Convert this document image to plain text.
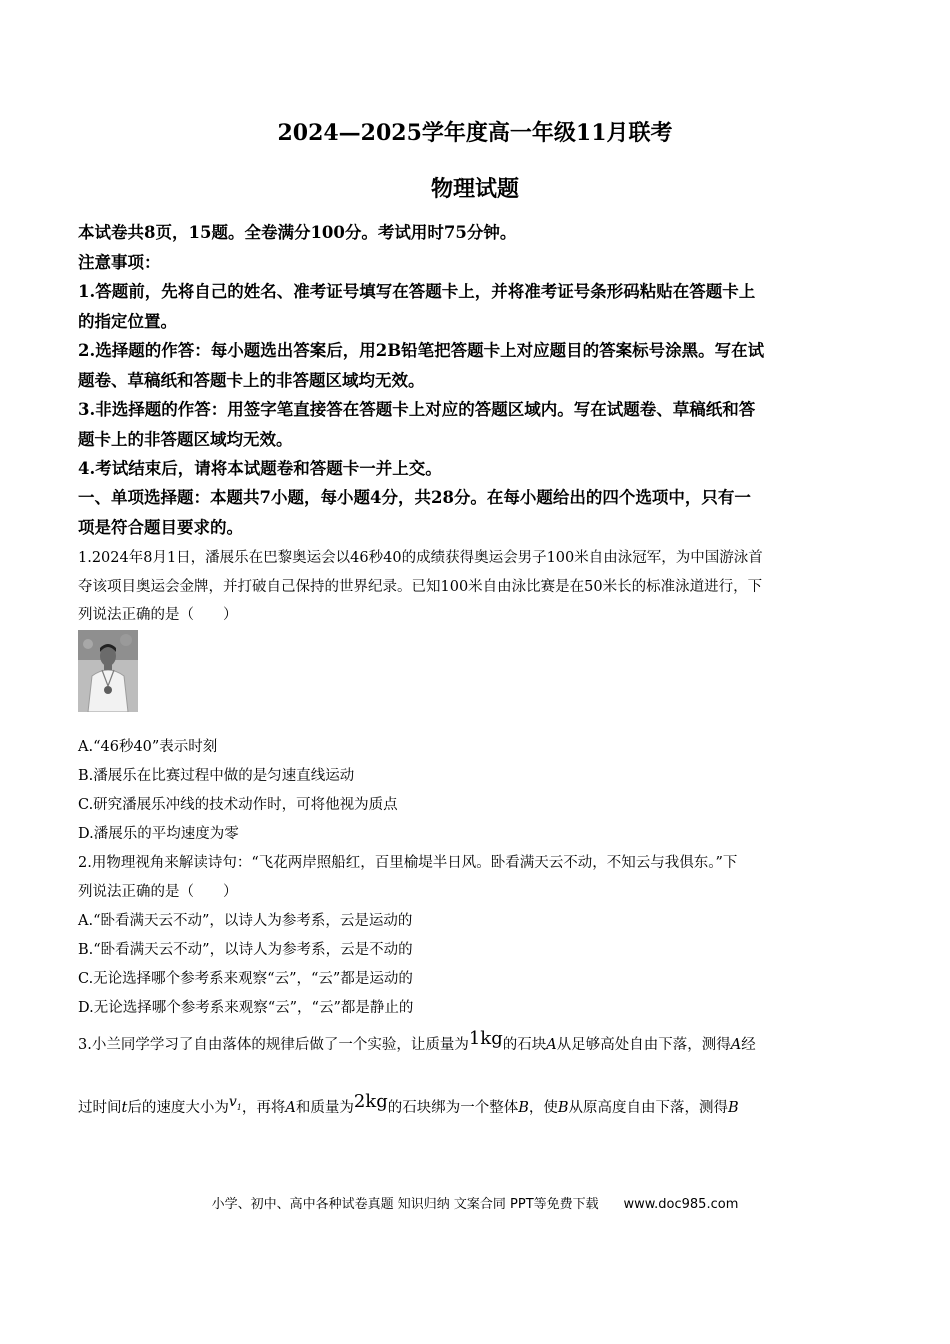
2024—2025学年度高一年级11月联考
物理试题
本试卷共8页，15题。全卷满分100分。考试用时75分钟。
注意事项：
1.答题前，先将自己的姓名、准考证号填写在答题卡上，并将准考证号条形码粘贴在答题卡上
的指定位置。
2.选择题的作答：每小题选出答案后，用2B铅笔把答题卡上对应题目的答案标号涂黑。写在试
题卷、草稿纸和答题卡上的非答题区域均无效。
3.非选择题的作答：用签字笔直接答在答题卡上对应的答题区域内。写在试题卷、草稿纸和答
题卡上的非答题区域均无效。
4.考试结束后，请将本试题卷和答题卡一并上交。
一、单项选择题：本题共7小题，每小题4分，共28分。在每小题给出的四个选项中，只有一
项是符合题目要求的。
1.2024年8月1日，潘展乐在巴黎奥运会以46秒40的成绩获得奥运会男子100米自由泳冠军，为中国游泳首
夺该项目奥运会金牌，并打破自己保持的世界纪录。已知100米自由泳比赛是在50米长的标准泳道进行，下
列说法正确的是（　　）
A.“46秒40”表示时刻
B.潘展乐在比赛过程中做的是匀速直线运动
C.研究潘展乐冲线的技术动作时，可将他视为质点
D.潘展乐的平均速度为零
2.用物理视角来解读诗句：“飞花两岸照船红，百里榆堤半日风。卧看满天云不动，不知云与我俱东。”下
列说法正确的是（　　）
A.“卧看满天云不动”，以诗人为参考系，云是运动的
B.“卧看满天云不动”，以诗人为参考系，云是不动的
C.无论选择哪个参考系来观察“云”，“云”都是运动的
D.无论选择哪个参考系来观察“云”，“云”都是静止的
3.小兰同学学习了自由落体的规律后做了一个实验，让质量为1kg的石块A从足够高处自由下落，测得A经
过时间t后的速度大小为$v_1$，再将A和质量为2kg的石块绑为一个整体B，使B从原高度自由下落，测得B
小学、初中、高中各种试卷真题 知识归纳 文案合同 PPT等免费下载 www.doc985.com
